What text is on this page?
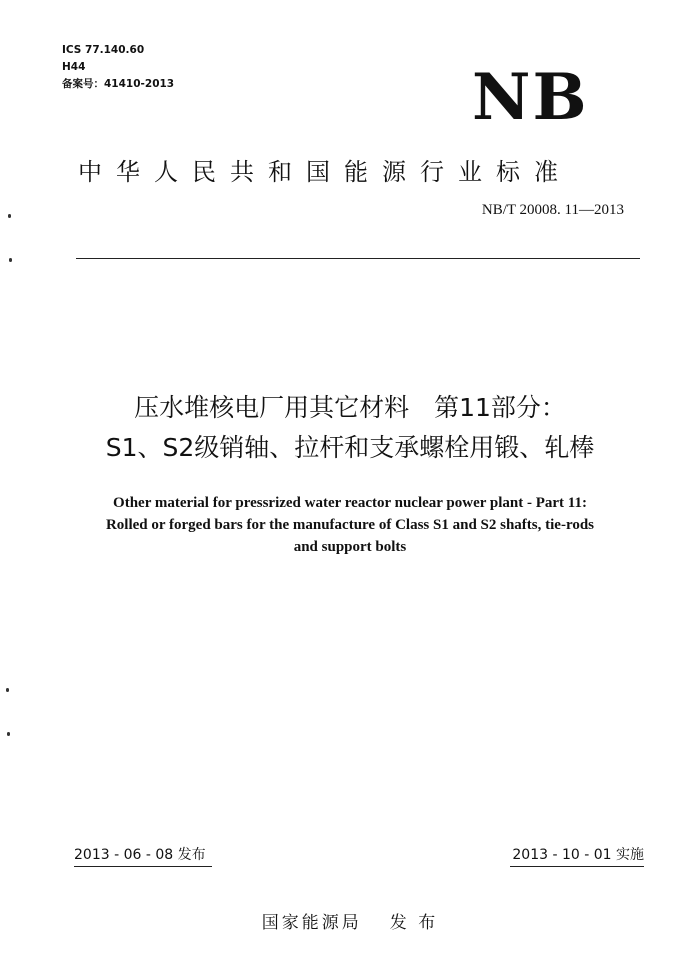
ICS 77.140.60
H44
备案号：41410-2013	NB
中华人民共和国能源行业标准
NB/T 20008. 11—2013
压水堆核电厂用其它材料　第11部分：
S1、S2级销轴、拉杆和支承螺栓用锻、轧棒
Other material for pressrized water reactor nuclear power plant - Part 11:
Rolled or forged bars for the manufacture of Class S1 and S2 shafts, tie-rods
and support bolts
2013 - 06 - 08 发布	2013 - 10 - 01 实施
国家能源局 发 布
